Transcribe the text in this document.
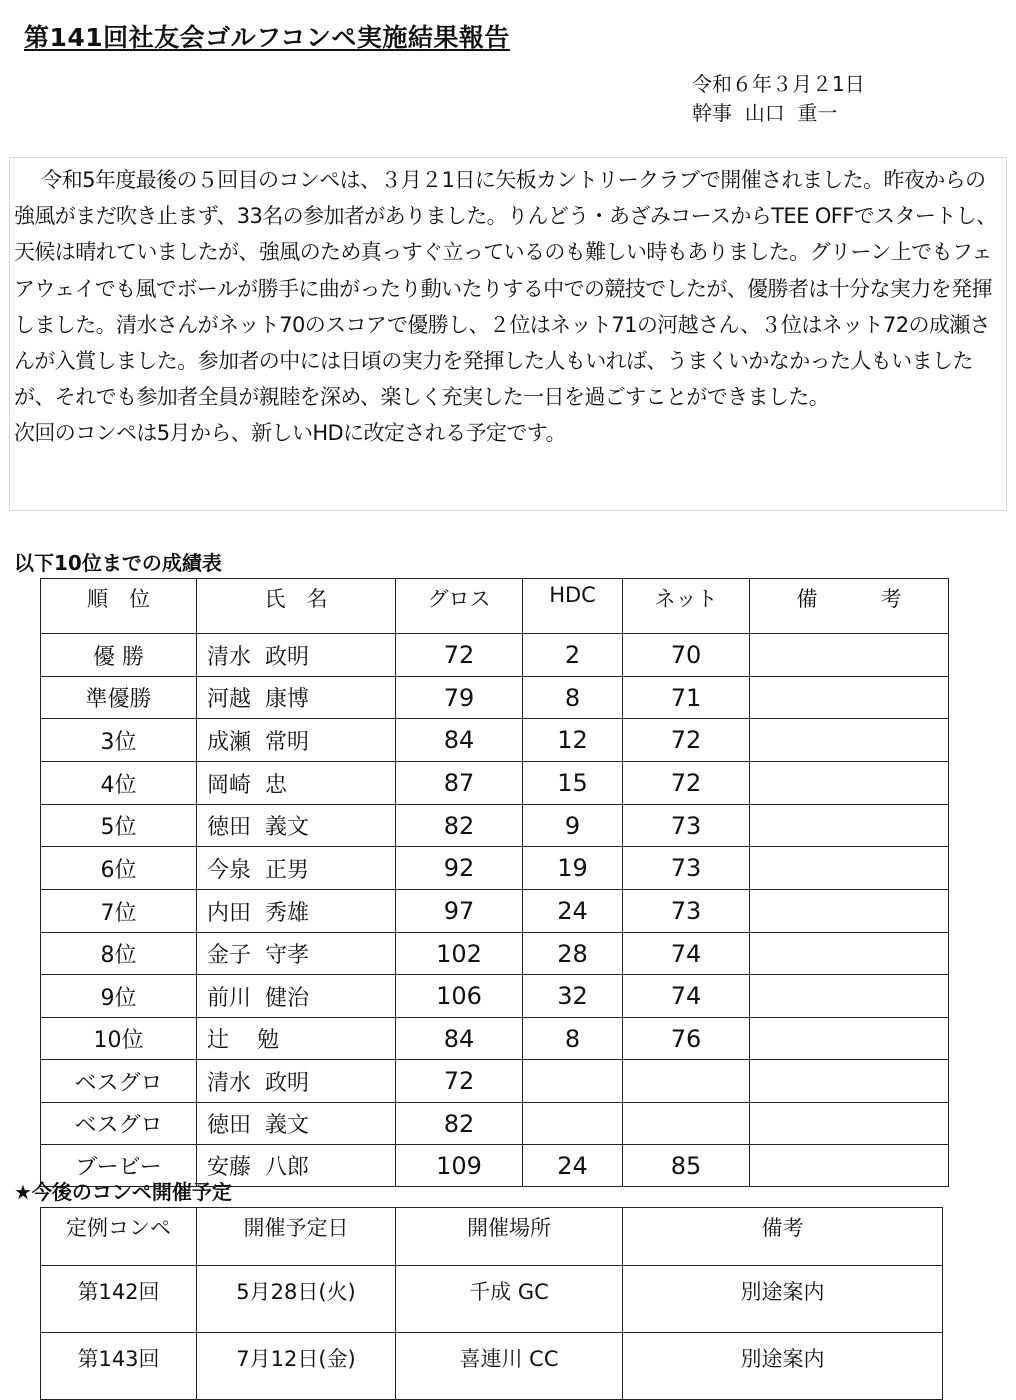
第141回社友会ゴルフコンペ実施結果報告
令和６年３月２1日
幹事  山口  重一

令和5年度最後の５回目のコンペは、３月２1日に矢板カントリークラブで開催されました。昨夜からの強風がまだ吹き止まず、33名の参加者がありました。りんどう・あざみコースからTEE OFFでスタートし、天候は晴れていましたが、強風のため真っすぐ立っているのも難しい時もありました。グリーン上でもフェアウェイでも風でボールが勝手に曲がったり動いたりする中での競技でしたが、優勝者は十分な実力を発揮しました。清水さんがネット70のスコアで優勝し、２位はネット71の河越さん、３位はネット72の成瀬さんが入賞しました。参加者の中には日頃の実力を発揮した人もいれば、うまくいかなかった人もいましたが、それでも参加者全員が親睦を深め、楽しく充実した一日を過ごすことができました。

次回のコンペは5月から、新しいHDに改定される予定です。

以下10位までの成績表
順　位	氏　名	グロス	HDC	ネット	備　　　考
優 勝	清水  政明	72	2	70	
準優勝	河越  康博	79	8	71	
3位	成瀬  常明	84	12	72	
4位	岡崎  忠	87	15	72	
5位	徳田  義文	82	9	73	
6位	今泉  正男	92	19	73	
7位	内田  秀雄	97	24	73	
8位	金子  守孝	102	28	74	
9位	前川  健治	106	32	74	
10位	辻    勉	84	8	76	
ベスグロ	清水  政明	72			
ベスグロ	徳田  義文	82			
ブービー	安藤  八郎	109	24	85	
★今後のコンペ開催予定
定例コンペ	開催予定日	開催場所	備考
第142回	5月28日(火)	千成 GC	別途案内
第143回	7月12日(金)	喜連川 CC	別途案内
